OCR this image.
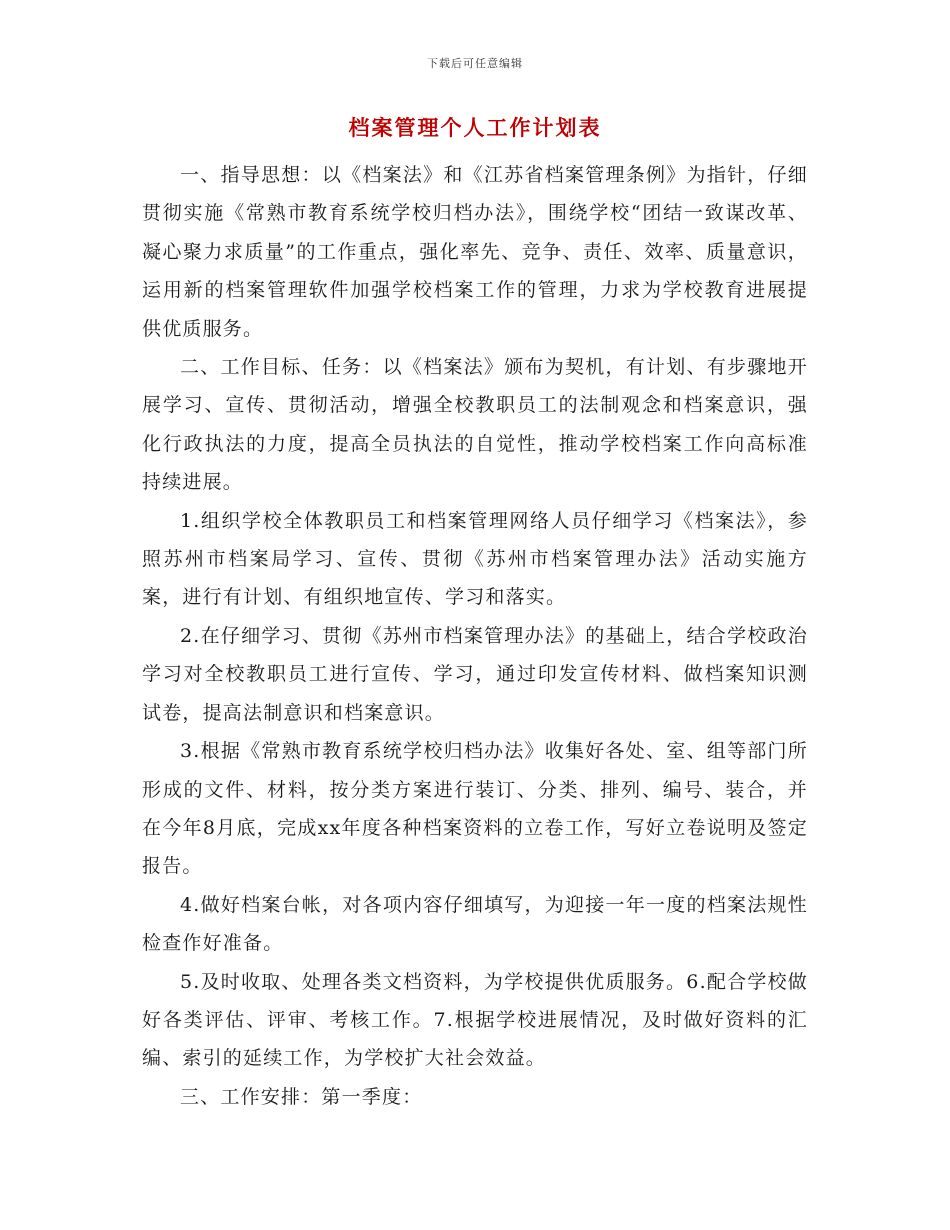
下载后可任意编辑
档案管理个人工作计划表

一、指导思想：以《档案法》和《江苏省档案管理条例》为指针，仔细贯彻实施《常熟市教育系统学校归档办法》，围绕学校“团结一致谋改革、凝心聚力求质量”的工作重点，强化率先、竞争、责任、效率、质量意识，运用新的档案管理软件加强学校档案工作的管理，力求为学校教育进展提供优质服务。

二、工作目标、任务：以《档案法》颁布为契机，有计划、有步骤地开展学习、宣传、贯彻活动，增强全校教职员工的法制观念和档案意识，强化行政执法的力度，提高全员执法的自觉性，推动学校档案工作向高标准持续进展。

1.组织学校全体教职员工和档案管理网络人员仔细学习《档案法》，参照苏州市档案局学习、宣传、贯彻《苏州市档案管理办法》活动实施方案，进行有计划、有组织地宣传、学习和落实。

2.在仔细学习、贯彻《苏州市档案管理办法》的基础上，结合学校政治学习对全校教职员工进行宣传、学习，通过印发宣传材料、做档案知识测试卷，提高法制意识和档案意识。

3.根据《常熟市教育系统学校归档办法》收集好各处、室、组等部门所形成的文件、材料，按分类方案进行装订、分类、排列、编号、装合，并在今年8月底，完成xx年度各种档案资料的立卷工作，写好立卷说明及签定报告。

4.做好档案台帐，对各项内容仔细填写，为迎接一年一度的档案法规性检查作好准备。

5.及时收取、处理各类文档资料，为学校提供优质服务。6.配合学校做好各类评估、评审、考核工作。7.根据学校进展情况，及时做好资料的汇编、索引的延续工作，为学校扩大社会效益。

三、工作安排：第一季度：
